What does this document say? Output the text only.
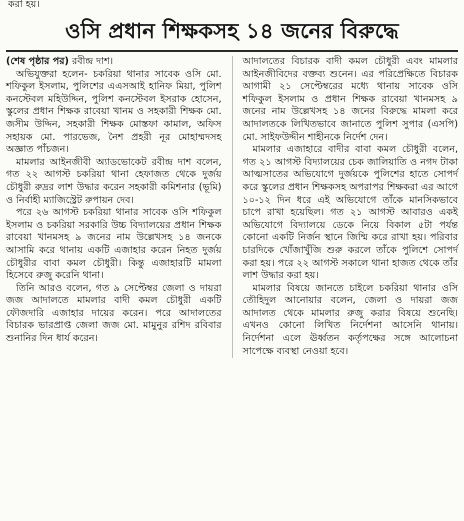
করা হয়।
ওসি প্রধান শিক্ষকসহ ১৪ জনের বিরুদ্ধে

(শেষ পৃষ্ঠার পর) রবীন্দ্র দাশ।

অভিযুক্তরা হলেন- চকরিয়া থানার সাবেক ওসি মো. শফিকুল ইসলাম, পুলিশের এএসআই হানিফ মিয়া, পুলিশ কনস্টেবল মহিউদ্দিন, পুলিশ কনস্টেবল ইসরাক হোসেন, স্কুলের প্রধান শিক্ষক রাবেয়া খানম ও সহকারী শিক্ষক মো. জসীম উদ্দিন, সহকারী শিক্ষক মোস্তফা কামাল, অফিস সহায়ক মো. পারভেজ, নৈশ প্রহরী নূর মোহাম্মদসহ অজ্ঞাত পাঁচজন।

মামলার আইনজীবী অ্যাডভোকেট রবীন্দ্র দাশ বলেন, গত ২২ আগস্ট চকরিয়া থানা হেফাজত থেকে দুর্জয় চৌধুরী রুদ্রর লাশ উদ্ধার করেন সহকারী কমিশনার (ভূমি) ও নির্বাহী ম্যাজিস্ট্রেট রুপায়ন দেব।

পরে ২৬ আগস্ট চকরিয়া থানার সাবেক ওসি শফিকুল ইসলাম ও চকরিয়া সরকারি উচ্চ বিদ্যালয়ের প্রধান শিক্ষক রাবেয়া খানমসহ ৯ জনের নাম উল্লেখসহ ১৪ জনকে আসামি করে থানায় একটি এজাহার করেন নিহত দুর্জয় চৌধুরীর বাবা কমল চৌধুরী। কিন্তু এজাহারটি মামলা হিসেবে রুজু করেনি থানা।

তিনি আরও বলেন, গত ৯ সেপ্টেম্বর জেলা ও দায়রা জজ আদালতে মামলার বাদী কমল চৌধুরী একটি ফৌজদারি এজাহার দায়ের করেন। পরে আদালতের বিচারক ভারপ্রাপ্ত জেলা জজ মো. মামুনুর রশিদ রবিবার শুনানির দিন ধার্য করেন।

আদালতের বিচারক বাদী কমল চৌধুরী এবং মামলার আইনজীবিদের বক্তব্য শুনেন। এর পরিপ্রেক্ষিতে বিচারক আগামী ২১ সেপ্টেম্বরের মধ্যে থানায় সাবেক ওসি শফিকুল ইসলাম ও প্রধান শিক্ষক রাবেয়া খানমসহ ৯ জনের নাম উল্লেখসহ ১৪ জনের বিরুদ্ধে মামলা করে আদালতকে লিখিতভাবে জানাতে পুলিশ সুপার (এসপি) মো. সাইফউদ্দীন শাহীনকে নির্দেশ দেন।

মামলার এজাহারে বাদীর বাবা কমল চৌধুরী বলেন, গত ২১ আগস্ট বিদ্যালয়ের চেক জালিয়াতি ও নগদ টাকা আত্মসাতের অভিযোগে দুর্জয়কে পুলিশের হাতে সোপর্দ করে স্কুলের প্রধান শিক্ষকসহ অপরাপর শিক্ষকরা এর আগে ১০-১২ দিন ধরে এই অভিযোগে তাঁকে মানসিকভাবে চাপে রাখা হয়েছিল। গত ২১ আগস্ট আবারও একই অভিযোগে বিদ্যালয়ে ডেকে নিয়ে বিকাল ৫টা পর্যন্ত কোনো একটি নির্জন স্থানে জিম্মি করে রাখা হয়। পরিবার চারদিকে খোঁজাখুঁজি শুরু করলে তাঁকে পুলিশে সোপর্দ করা হয়। পরে ২২ আগস্ট সকালে থানা হাজত থেকে তাঁর লাশ উদ্ধার করা হয়।

মামলার বিষয়ে জানতে চাইলে চকরিয়া থানার ওসি তৌহিদুল আনোয়ার বলেন, জেলা ও দায়রা জজ আদালত থেকে মামলার রুজু করার বিষয়ে শুনেছি। এখনও কোনো লিখিত নির্দেশনা আসেনি থানায়। নির্দেশনা এলে ঊর্ধ্বতন কর্তৃপক্ষের সঙ্গে আলোচনা সাপেক্ষে ব্যবস্থা নেওয়া হবে।
